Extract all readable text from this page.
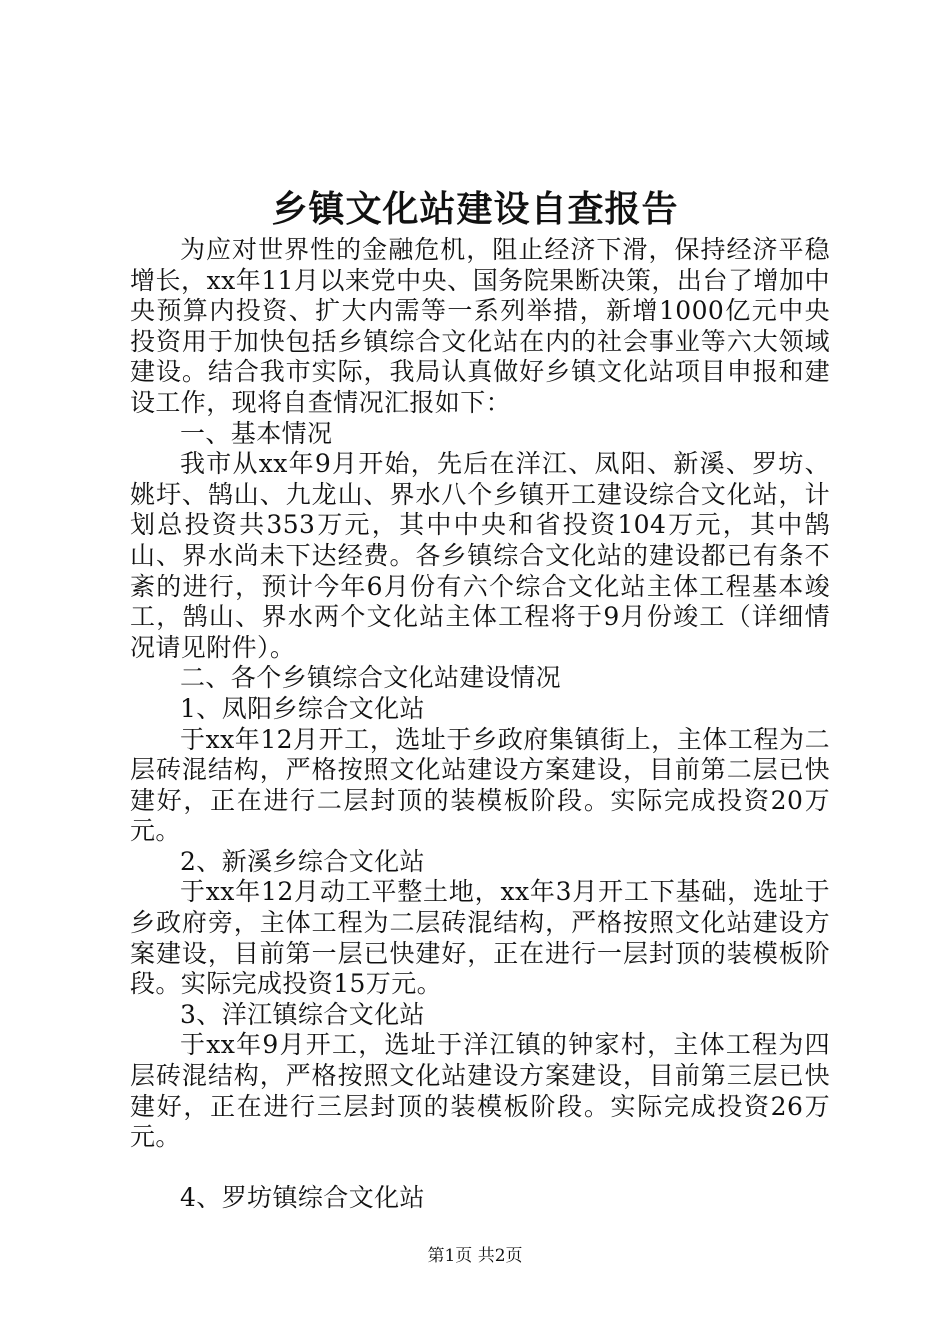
乡镇文化站建设自查报告

为应对世界性的金融危机，阻止经济下滑，保持经济平稳增长，xx年11月以来党中央、国务院果断决策，出台了增加中央预算内投资、扩大内需等一系列举措，新增1000亿元中央投资用于加快包括乡镇综合文化站在内的社会事业等六大领域建设。结合我市实际，我局认真做好乡镇文化站项目申报和建设工作，现将自查情况汇报如下：

一、基本情况

我市从xx年9月开始，先后在洋江、凤阳、新溪、罗坊、姚圩、鹄山、九龙山、界水八个乡镇开工建设综合文化站，计划总投资共353万元，其中中央和省投资104万元，其中鹄山、界水尚未下达经费。各乡镇综合文化站的建设都已有条不紊的进行，预计今年6月份有六个综合文化站主体工程基本竣工，鹄山、界水两个文化站主体工程将于9月份竣工（详细情况请见附件）。

二、各个乡镇综合文化站建设情况

1、凤阳乡综合文化站

于xx年12月开工，选址于乡政府集镇街上，主体工程为二层砖混结构，严格按照文化站建设方案建设，目前第二层已快建好，正在进行二层封顶的装模板阶段。实际完成投资20万元。

2、新溪乡综合文化站

于xx年12月动工平整土地，xx年3月开工下基础，选址于乡政府旁，主体工程为二层砖混结构，严格按照文化站建设方案建设，目前第一层已快建好，正在进行一层封顶的装模板阶段。实际完成投资15万元。

3、洋江镇综合文化站

于xx年9月开工，选址于洋江镇的钟家村，主体工程为四层砖混结构，严格按照文化站建设方案建设，目前第三层已快建好，正在进行三层封顶的装模板阶段。实际完成投资26万元。

4、罗坊镇综合文化站

第1页 共2页
